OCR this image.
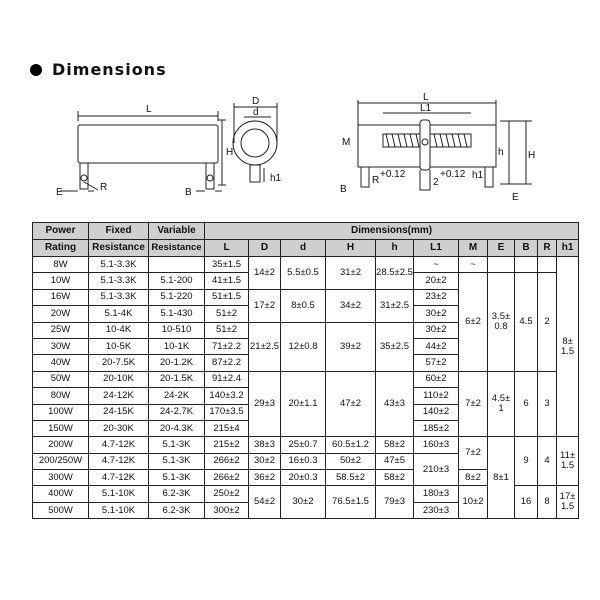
Dimensions
L
H
E	R	B
D
d
h1
L
L1
M
h H
R
+0.12
2
+0.12 h1
B
E
Power	Fixed	Variable	Dimensions(mm)										
Rating	Resistance	Resistance	L	D	d	H	h	L1	M	E	B	R	h1
8W	5.1-3.3K		35±1.5	14±2	5.5±0.5	31±2	28.5±2.5	~	~				8± 1.5
10W	5.1-3.3K	5.1-200	41±1.5					20±2	6±2	3.5± 0.8	4.5	2	
16W	5.1-3.3K	5.1-220	51±1.5	17±2	8±0.5	34±2	31±2.5	23±2					
20W	5.1-4K	5.1-430	51±2					30±2					
25W	10-4K	10-510	51±2	21±2.5	12±0.8	39±2	35±2.5	30±2					
30W	10-5K	10-1K	71±2.2					44±2					
40W	20-7.5K	20-1.2K	87±2.2					57±2					
50W	20-10K	20-1.5K	91±2.4	29±3	20±1.1	47±2	43±3	60±2	7±2	4.5± 1	6	3	
80W	24-12K	24-2K	140±3.2					110±2					
100W	24-15K	24-2.7K	170±3.5					140±2					
150W	20-30K	20-4.3K	215±4					185±2					
200W	4.7-12K	5.1-3K	215±2	38±3	25±0.7	60.5±1.2	58±2	160±3	7±2	8±1	9	4	11± 1.5
200/250W	4.7-12K	5.1-3K	266±2	30±2	16±0.3	50±2	47±5	210±3					
300W	4.7-12K	5.1-3K	266±2	36±2	20±0.3	58.5±2	58±2		8±2				
400W	5.1-10K	6.2-3K	250±2	54±2	30±2	76.5±1.5	79±3	180±3	10±2		16	8	17± 1.5
500W	5.1-10K	6.2-3K	300±2					230±3					
